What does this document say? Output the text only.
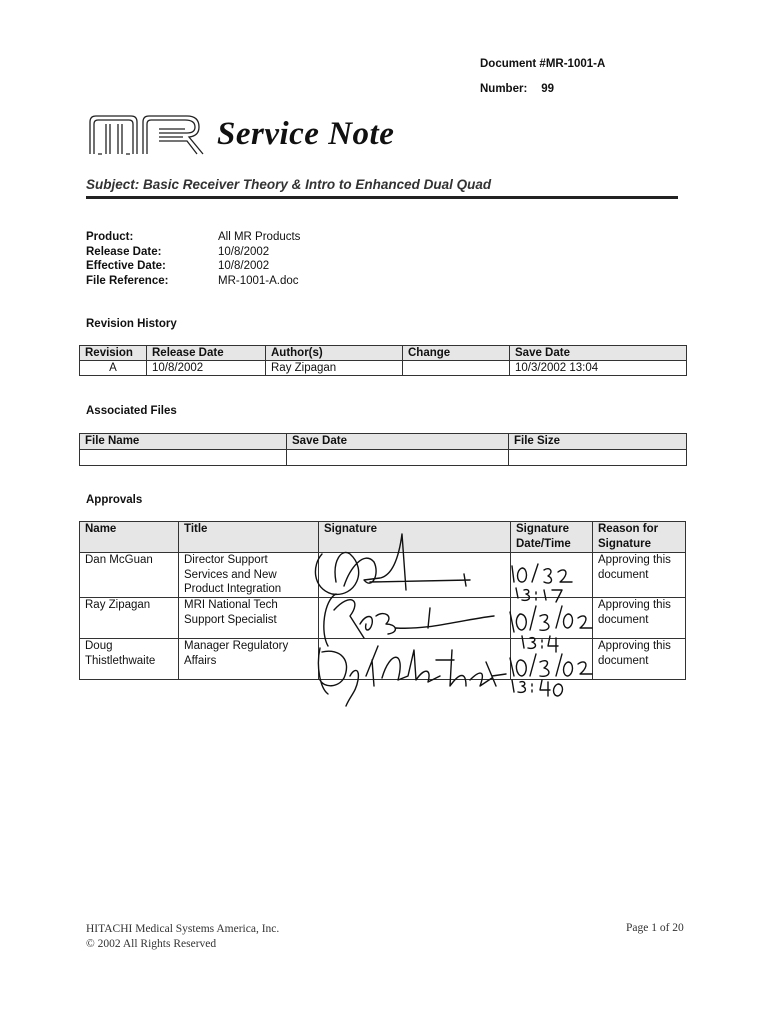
Document #MR-1001-A
Number: 99
Service Note
Subject: Basic Receiver Theory & Intro to Enhanced Dual Quad
Product:	All MR Products
Release Date:	10/8/2002
Effective Date:	10/8/2002
File Reference:	MR-1001-A.doc
Revision History
Revision	Release Date	Author(s)	Change	Save Date
A	10/8/2002	Ray Zipagan		10/3/2002 13:04
Associated Files
File Name	Save Date	File Size

Approvals
Name	Title	Signature	Signature Date/Time	Reason for Signature
Dan McGuan	Director Support Services and New Product Integration			Approving this document
Ray Zipagan	MRI National Tech Support Specialist			Approving this document
Doug Thistlethwaite	Manager Regulatory Affairs			Approving this document
HITACHI Medical Systems America, Inc.
© 2002 All Rights Reserved
Page 1 of 20
